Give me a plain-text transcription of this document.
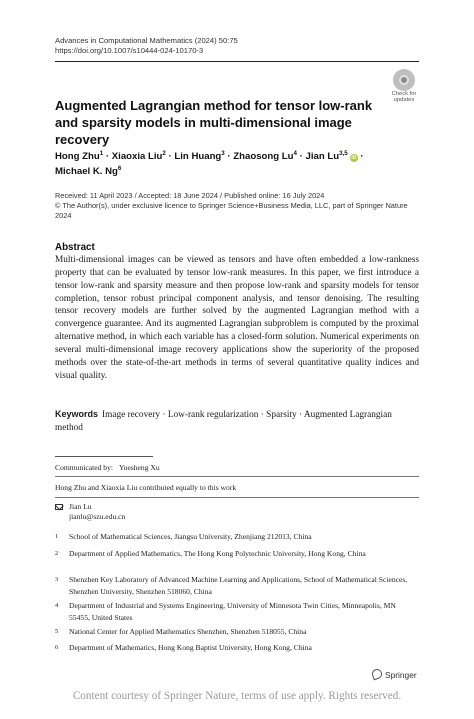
Advances in Computational Mathematics (2024) 50:75
https://doi.org/10.1007/s10444-024-10170-3
Check for
updates
Augmented Lagrangian method for tensor low-rank and sparsity models in multi-dimensional image recovery
Hong Zhu$^1$ · Xiaoxia Liu$^2$ · Lin Huang$^3$ · Zhaosong $Lu^4$ · Jian Lu$^{3,5}$iD ·
Michael K. Ng$^6$
Received: 11 April 2023 / Accepted: 18 June 2024 / Published online: 16 July 2024
© The Author(s), under exclusive licence to Springer Science+Business Media, LLC, part of Springer Nature 2024
Abstract
Multi-dimensional images can be viewed as tensors and have often embedded a low-rankness property that can be evaluated by tensor low-rank measures. In this paper, we first introduce a tensor low-rank and sparsity measure and then propose low-rank and sparsity models for tensor completion, tensor robust principal component analysis, and tensor denoising. The resulting tensor recovery models are further solved by the augmented Lagrangian method with a convergence guarantee. And its augmented Lagrangian subproblem is computed by the proximal alternative method, in which each variable has a closed-form solution. Numerical experiments on several multi-dimensional image recovery applications show the superiority of the proposed methods over the state-of-the-art methods in terms of several quantitative quality indices and visual quality.
Keywords Image recovery · Low-rank regularization · Sparsity · Augmented Lagrangian method
Communicated by: Yuesheng Xu
Hong Zhu and Xiaoxia Liu contributed equally to this work
Jian Lu
jianlu@szu.edu.cn
1 School of Mathematical Sciences, Jiangsu University, Zhenjiang 212013, China
2 Department of Applied Mathematics, The Hong Kong Polytechnic University, Hong Kong, China
3 Shenzhen Key Laboratory of Advanced Machine Learning and Applications, School of Mathematical Sciences, Shenzhen University, Shenzhen 518060, China
4 Department of Industrial and Systems Engineering, University of Minnesota Twin Cities, Minneapolis, MN 55455, United States
5 National Center for Applied Mathematics Shenzhen, Shenzhen 518055, China
6 Department of Mathematics, Hong Kong Baptist University, Hong Kong, China
Springer
Content courtesy of Springer Nature, terms of use apply. Rights reserved.
